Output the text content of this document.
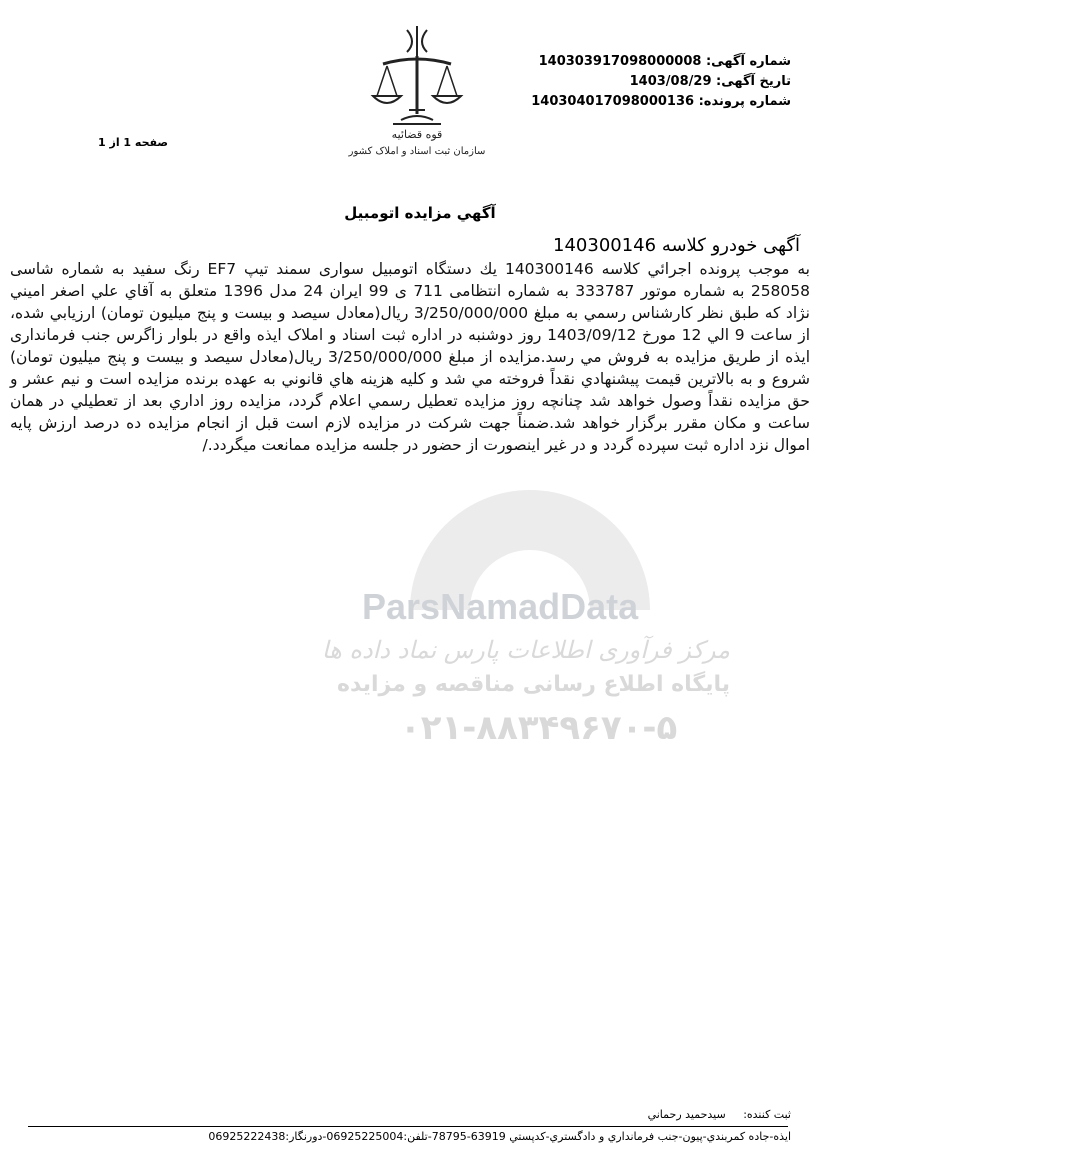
قوه قضائیه
سازمان ثبت اسناد و املاک کشور
شماره آگهی: 140303917098000008
تاریخ آگهی: 1403/08/29
شماره پرونده: 140304017098000136
صفحه 1 از 1
ParsNamadData
مرکز فرآوری اطلاعات پارس نماد داده ها
پایگاه اطلاع رسانی مناقصه و مزایده
۰۲۱-۸۸۳۴۹۶۷۰-۵
آگهي مزايده اتومبيل
آگهی خودرو کلاسه 140300146
به موجب پرونده اجرائي كلاسه 140300146 يك دستگاه اتومبيل سواری سمند تيپ EF7 رنگ سفيد به شماره شاسی 258058 به شماره موتور 333787 به شماره انتظامی 711 ی 99 ايران 24 مدل 1396 متعلق به آقاي علي اصغر اميني نژاد كه طبق نظر كارشناس رسمي به مبلغ 3/250/000/000 ريال(معادل سيصد و بيست و پنج ميليون تومان) ارزيابي شده، از ساعت 9 الي 12 مورخ 1403/09/12 روز دوشنبه در اداره ثبت اسناد و املاک ايذه واقع در بلوار زاگرس جنب فرمانداری ايذه از طريق مزايده به فروش مي رسد.مزايده از مبلغ 3/250/000/000 ريال(معادل سيصد و بيست و پنج ميليون تومان) شروع و به بالاترين قيمت پيشنهادي نقداً فروخته مي شد و كليه هزينه هاي قانوني به عهده برنده مزايده است و نيم عشر و حق مزايده نقداً وصول خواهد شد چنانچه روز مزايده تعطيل رسمي اعلام گردد، مزايده روز اداري بعد از تعطيلي در همان ساعت و مكان مقرر برگزار خواهد شد.ضمناً جهت شركت در مزايده لازم است قبل از انجام مزايده ده درصد ارزش پايه اموال نزد اداره ثبت سپرده گردد و در غير اينصورت از حضور در جلسه مزايده ممانعت ميگردد./
ثبت كننده:     سيدحميد رحماني
ايذه-جاده كمربندي-پيون-جنب فرمانداري و دادگستري-كدپستي 63919-78795-تلفن:06925225004-دورنگار:06925222438
